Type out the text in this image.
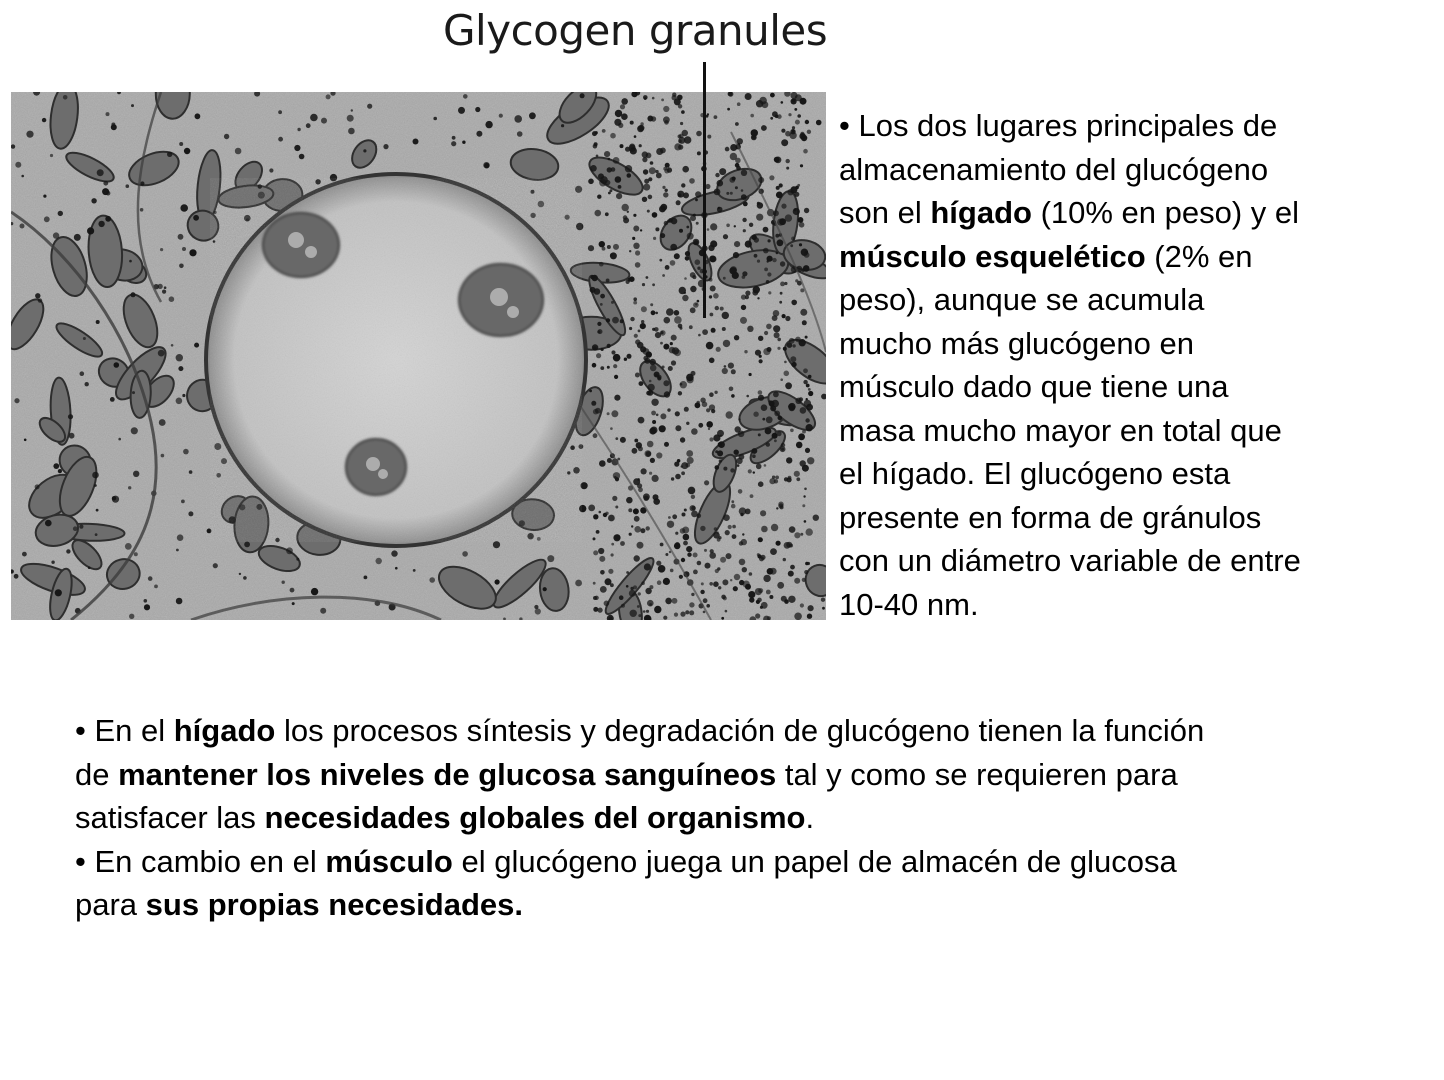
Glycogen granules

• Los dos lugares principales de
almacenamiento del glucógeno
son el hígado (10% en peso) y el
músculo esquelético (2% en
peso), aunque se acumula
mucho más glucógeno en
músculo dado que tiene una
masa mucho mayor en total que
el hígado. El glucógeno esta
presente en forma de gránulos
con un diámetro variable de entre
10-40 nm.

• En el hígado los procesos síntesis y degradación de glucógeno tienen la función
de mantener los niveles de glucosa sanguíneos tal y como se requieren para
satisfacer las necesidades globales del organismo.
• En cambio en el músculo el glucógeno juega un papel de almacén de glucosa
para sus propias necesidades.
